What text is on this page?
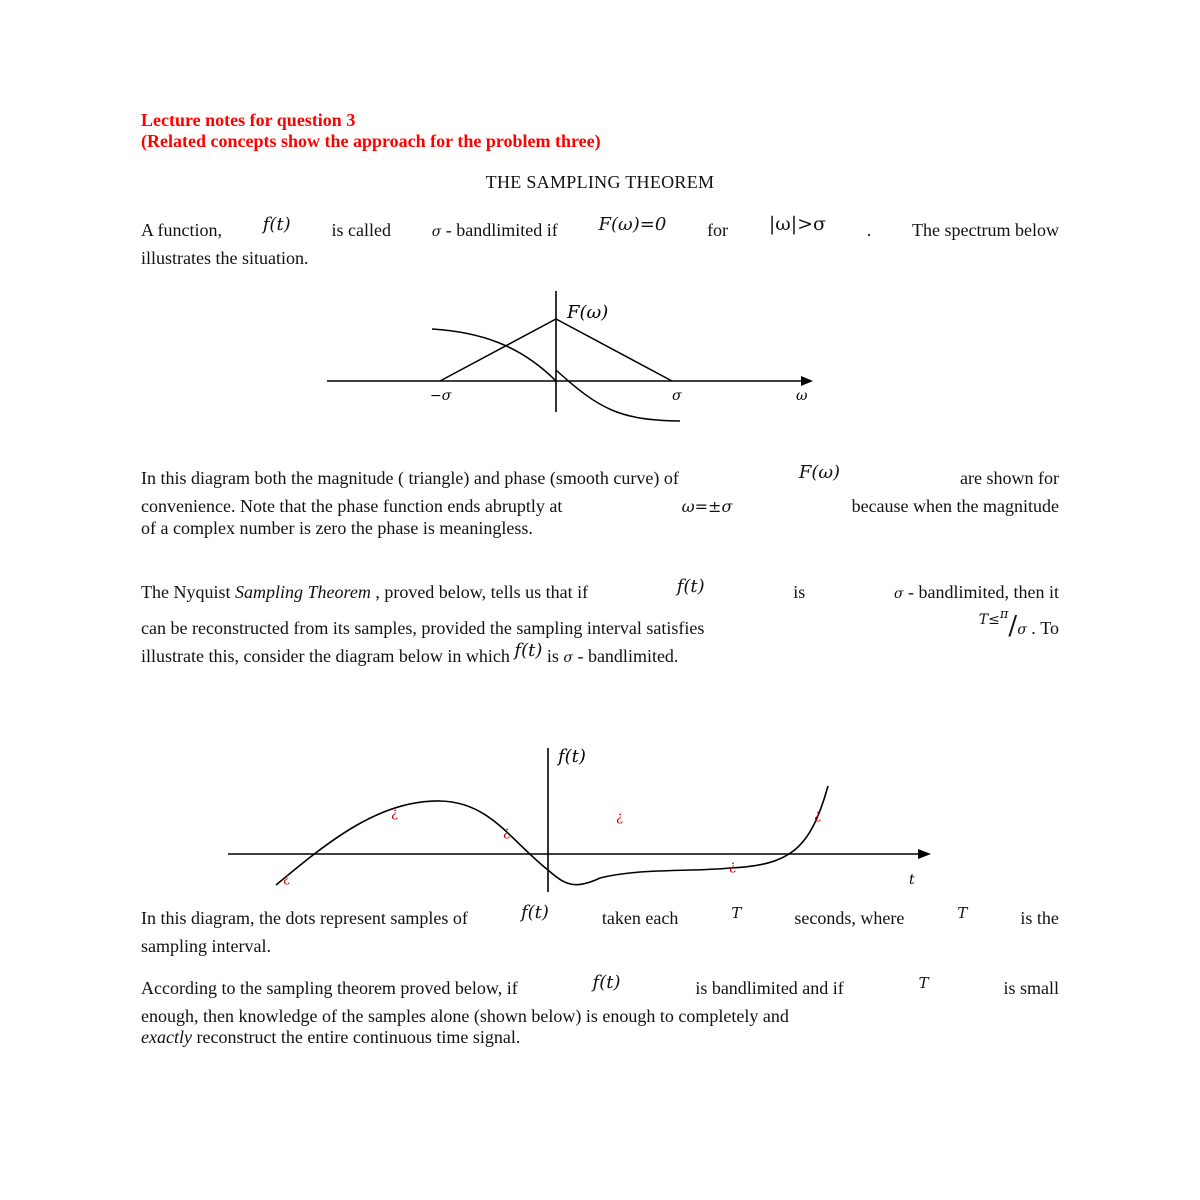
Lecture notes for question 3
(Related concepts show the approach for the problem three)
THE SAMPLING THEOREM
A function, f(t) is called	σ - bandlimited if F(ω)=0 for |ω|>σ . The spectrum below
illustrates the situation.
F(ω)
−σ	σ	ω
In this diagram both the magnitude ( triangle) and phase (smooth curve) of	F(ω)	are shown for
convenience. Note that the phase function ends abruptly at	ω=±σ	because when the magnitude
of a complex number is zero the phase is meaningless.
The Nyquist Sampling Theorem , proved below, tells us that if	f(t)	is	σ - bandlimited, then it
can be reconstructed from its samples, provided the sampling interval satisfies	$^{T\le\pi}$/σ . To
illustrate this, consider the diagram below in which f(t) is σ - bandlimited.
f(t)
t
¿
¿
¿
¿
¿
¿
In this diagram, the dots represent samples of	f(t)	taken each	T	seconds, where	T	is the
sampling interval.
According to the sampling theorem proved below, if	f(t)	is bandlimited and if	T	is small
enough, then knowledge of the samples alone (shown below) is enough to completely and
exactly reconstruct the entire continuous time signal.
